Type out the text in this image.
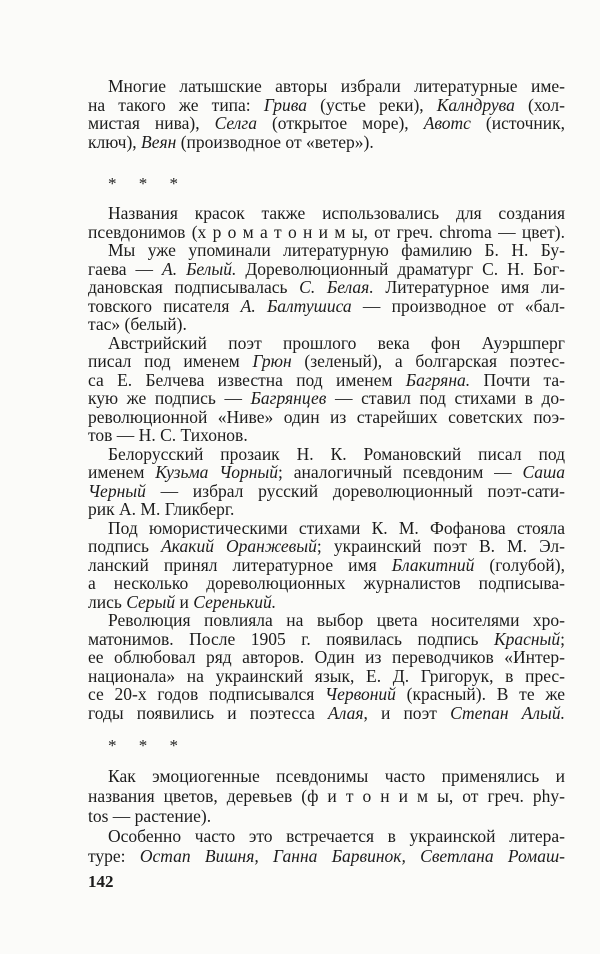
142
Многие латышские авторы избрали литературные име-
на такого же типа: Грива (устье реки), Калндрува (хол-
мистая нива), Селга (открытое море), Авотс (источник,
ключ), Веян (производное от «ветер»).
* * *
Названия красок также использовались для создания
псевдонимов (х р о м а т о н и м ы, от греч. chroma — цвет).
Мы уже упоминали литературную фамилию Б. Н. Бу-
гаева — А. Белый. Дореволюционный драматург С. Н. Бог-
дановская подписывалась С. Белая. Литературное имя ли-
товского писателя А. Балтушиса — производное от «бал-
тас» (белый).
Австрийский поэт прошлого века фон Ауэршперг
писал под именем Грюн (зеленый), а болгарская поэтес-
са Е. Белчева известна под именем Багряна. Почти та-
кую же подпись — Багрянцев — ставил под стихами в до-
революционной «Ниве» один из старейших советских поэ-
тов — Н. С. Тихонов.
Белорусский прозаик Н. К. Романовский писал под
именем Кузьма Чорный; аналогичный псевдоним — Саша
Черный — избрал русский дореволюционный поэт-сати-
рик А. М. Гликберг.
Под юмористическими стихами К. М. Фофанова стояла
подпись Акакий Оранжевый; украинский поэт В. М. Эл-
ланский принял литературное имя Блакитний (голубой),
а несколько дореволюционных журналистов подписыва-
лись Серый и Серенький.
Революция повлияла на выбор цвета носителями хро-
матонимов. После 1905 г. появилась подпись Красный;
ее облюбовал ряд авторов. Один из переводчиков «Интер-
национала» на украинский язык, Е. Д. Григорук, в прес-
се 20-х годов подписывался Червоний (красный). В те же
годы появились и поэтесса Алая, и поэт Степан Алый.
* * *
Как эмоциогенные псевдонимы часто применялись и
названия цветов, деревьев (ф и т о н и м ы, от греч. phy-
tos — растение).
Особенно часто это встречается в украинской литера-
туре: Остап Вишня, Ганна Барвинок, Светлана Ромаш-
